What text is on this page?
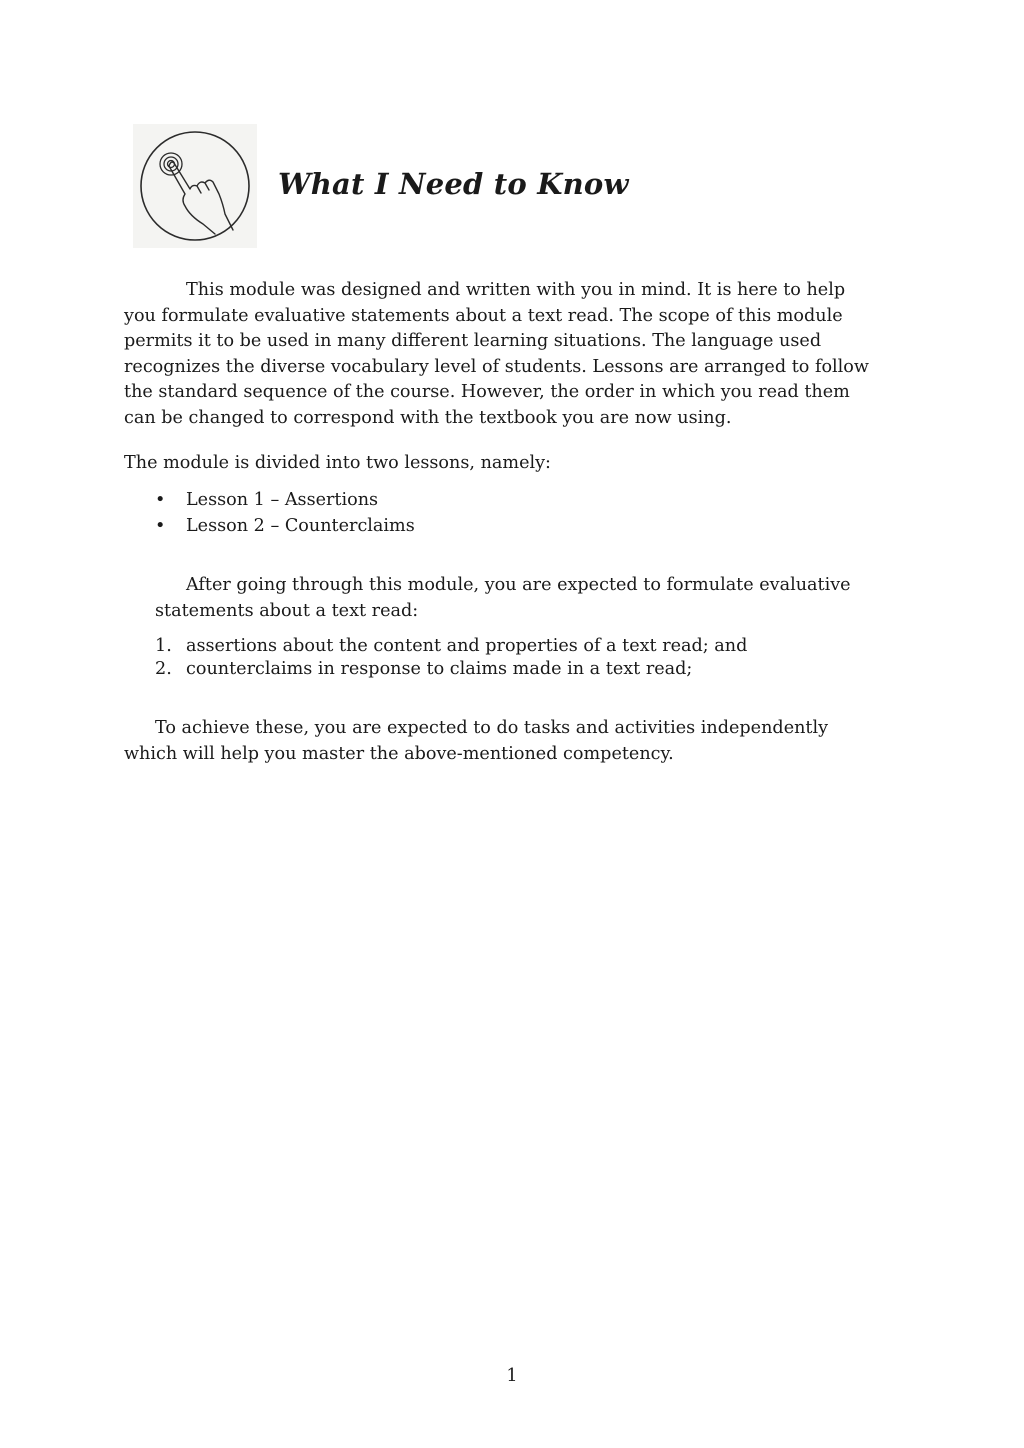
What I Need to Know

This module was designed and written with you in mind. It is here to help
you formulate evaluative statements about a text read. The scope of this module
permits it to be used in many different learning situations. The language used
recognizes the diverse vocabulary level of students. Lessons are arranged to follow
the standard sequence of the course. However, the order in which you read them
can be changed to correspond with the textbook you are now using.

The module is divided into two lessons, namely:

• Lesson 1 – Assertions
• Lesson 2 – Counterclaims

After going through this module, you are expected to formulate evaluative
statements about a text read:

1. assertions about the content and properties of a text read; and
2. counterclaims in response to claims made in a text read;

To achieve these, you are expected to do tasks and activities independently
which will help you master the above-mentioned competency.

1
